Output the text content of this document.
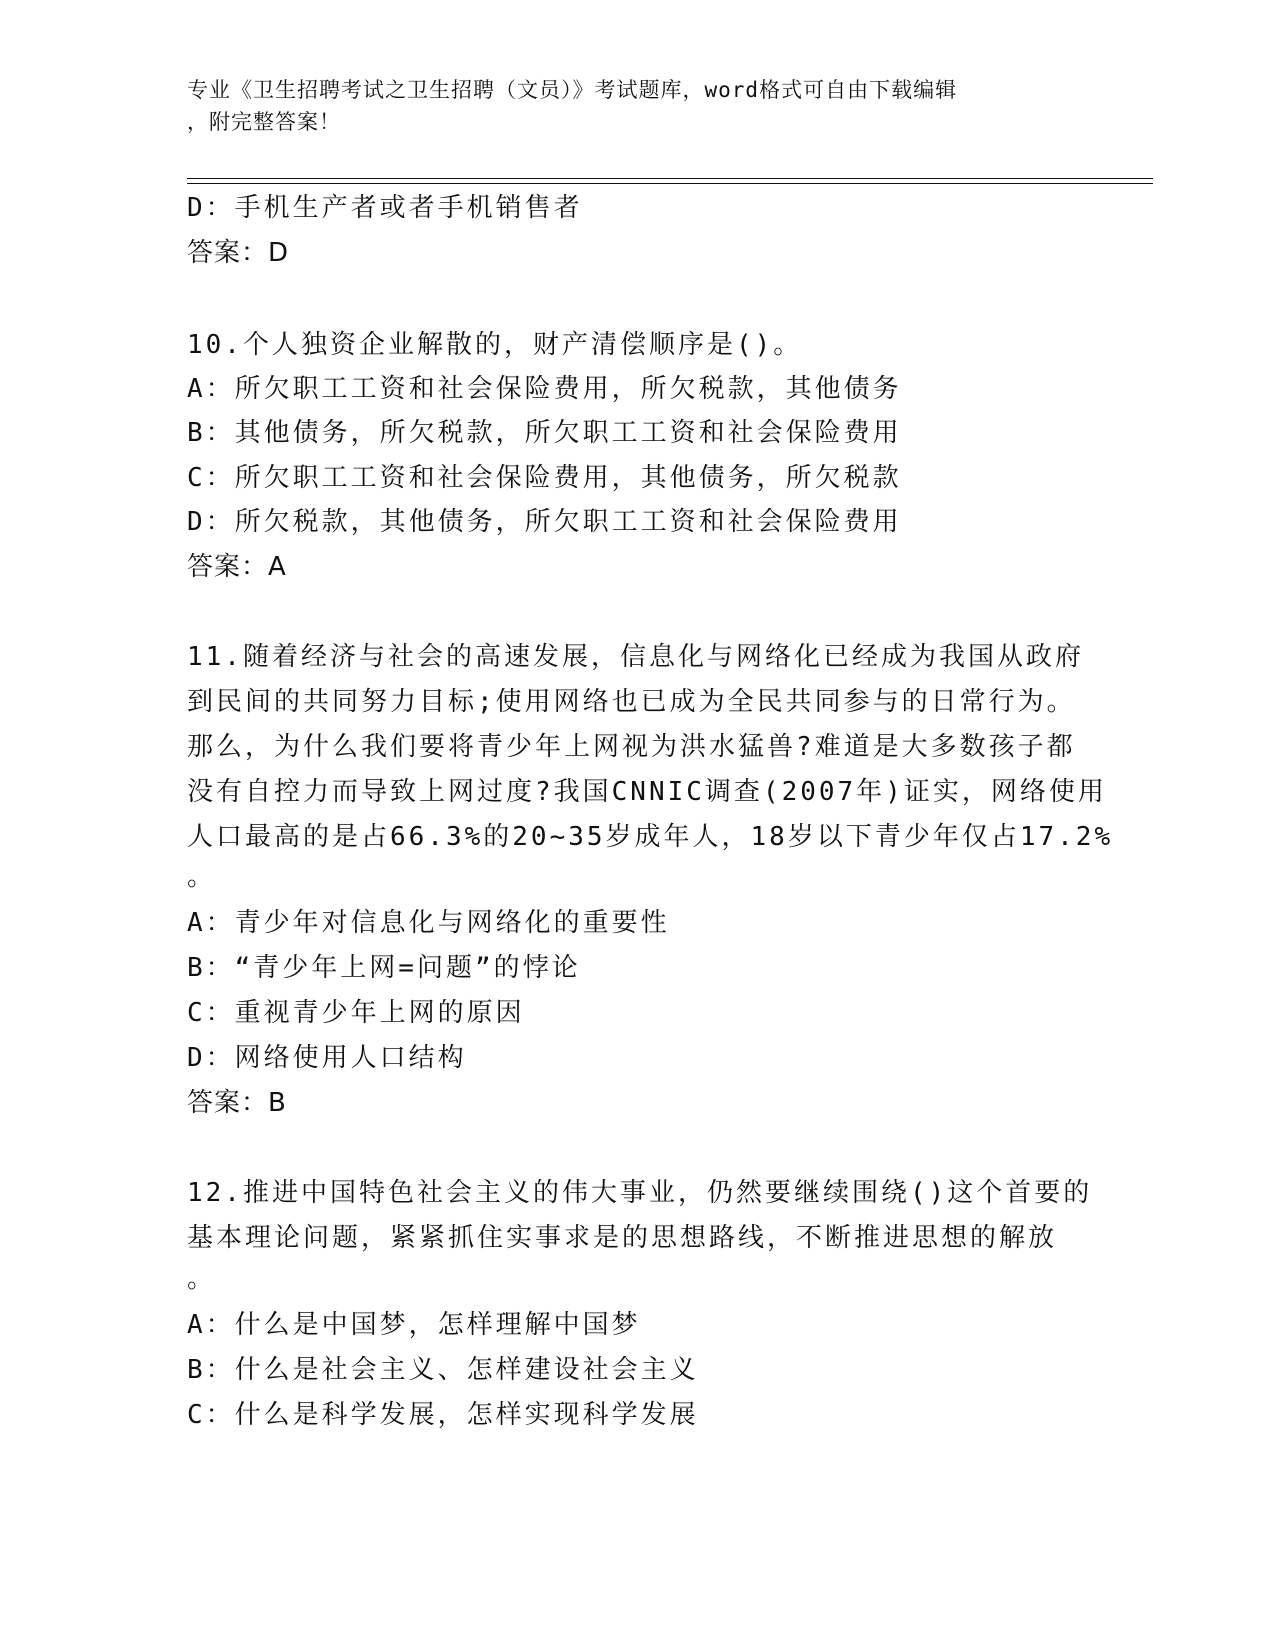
专业《卫生招聘考试之卫生招聘（文员）》考试题库，word格式可自由下载编辑
，附完整答案！
D：手机生产者或者手机销售者
答案：D
10.个人独资企业解散的，财产清偿顺序是()。
A：所欠职工工资和社会保险费用，所欠税款，其他债务
B：其他债务，所欠税款，所欠职工工资和社会保险费用
C：所欠职工工资和社会保险费用，其他债务，所欠税款
D：所欠税款，其他债务，所欠职工工资和社会保险费用
答案：A
11.随着经济与社会的高速发展，信息化与网络化已经成为我国从政府
到民间的共同努力目标;使用网络也已成为全民共同参与的日常行为。
那么，为什么我们要将青少年上网视为洪水猛兽?难道是大多数孩子都
没有自控力而导致上网过度?我国CNNIC调查(2007年)证实，网络使用
人口最高的是占66.3%的20~35岁成年人，18岁以下青少年仅占17.2%
。
A：青少年对信息化与网络化的重要性
B：“青少年上网=问题”的悖论
C：重视青少年上网的原因
D：网络使用人口结构
答案：B
12.推进中国特色社会主义的伟大事业，仍然要继续围绕()这个首要的
基本理论问题，紧紧抓住实事求是的思想路线，不断推进思想的解放
。
A：什么是中国梦，怎样理解中国梦
B：什么是社会主义、怎样建设社会主义
C：什么是科学发展，怎样实现科学发展
